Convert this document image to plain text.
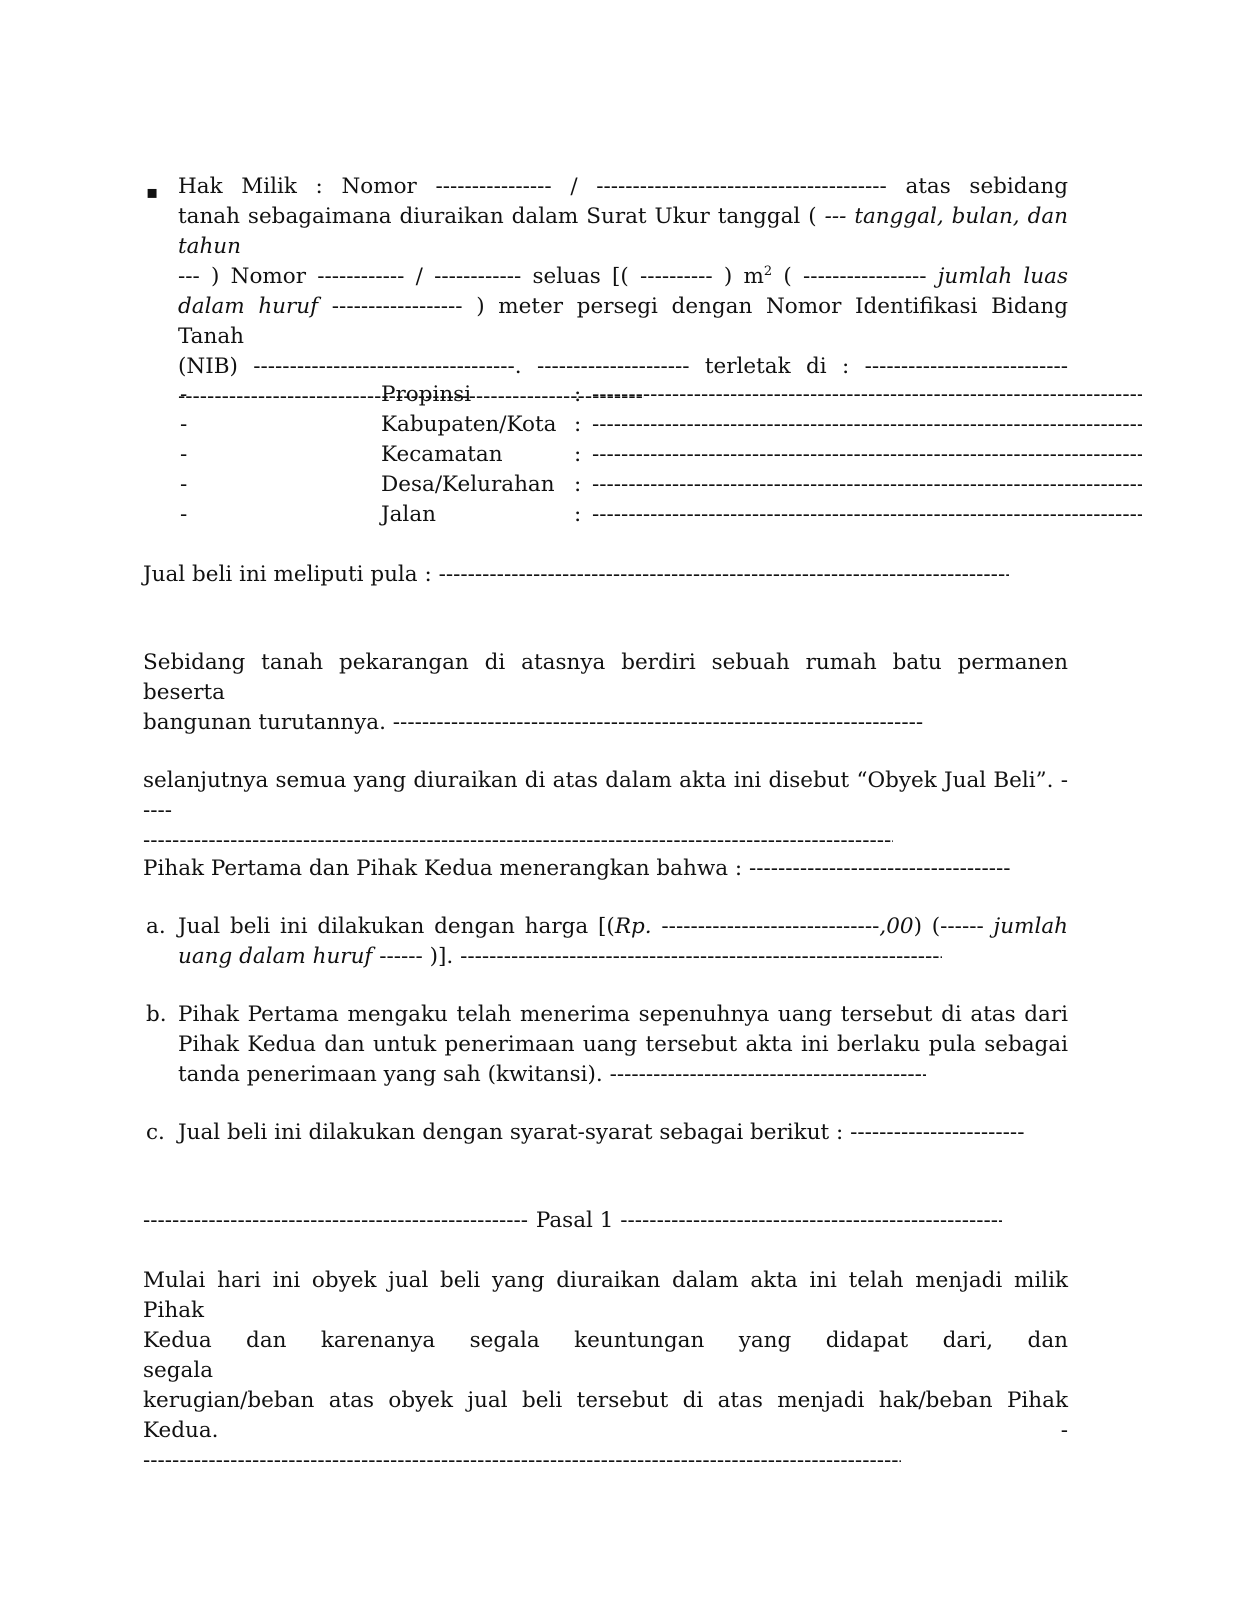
▪ Hak Milik : Nomor ---------------- / ---------------------------------------- atas sebidang
tanah sebagaimana diuraikan dalam Surat Ukur tanggal ( --- tanggal, bulan, dan tahun
--- ) Nomor ------------ / ------------ seluas [( ---------- ) $m^2$ ( ----------------- jumlah luas
dalam huruf ------------------ ) meter persegi dengan Nomor Identifikasi Bidang Tanah
(NIB) ------------------------------------. --------------------- terletak di : ----------------------------
-----
-	Propinsi	:
-----
-	Kabupaten/Kota :
-----
-	Kecamatan	:
-----
-	Desa/Kelurahan :
-----
-	Jalan	:
-----
Jual beli ini meliputi pula : -----
Sebidang tanah pekarangan di atasnya berdiri sebuah rumah batu permanen beserta
bangunan turutannya. -----
selanjutnya semua yang diuraikan di atas dalam akta ini disebut “Obyek Jual Beli”. -----
-----
Pihak Pertama dan Pihak Kedua menerangkan bahwa : -----
a. Jual beli ini dilakukan dengan harga [(Rp. ------------------------------,00) (------ jumlah
uang dalam huruf ------ )]. -----
b. Pihak Pertama mengaku telah menerima sepenuhnya uang tersebut di atas dari
Pihak Kedua dan untuk penerimaan uang tersebut akta ini berlaku pula sebagai
tanda penerimaan yang sah (kwitansi). -----
c. Jual beli ini dilakukan dengan syarat-syarat sebagai berikut : -----
----- Pasal 1 -----
Mulai hari ini obyek jual beli yang diuraikan dalam akta ini telah menjadi milik Pihak
Kedua dan karenanya segala keuntungan yang didapat dari, dan segala
kerugian/beban atas obyek jual beli tersebut di atas menjadi hak/beban Pihak Kedua. -
-----
